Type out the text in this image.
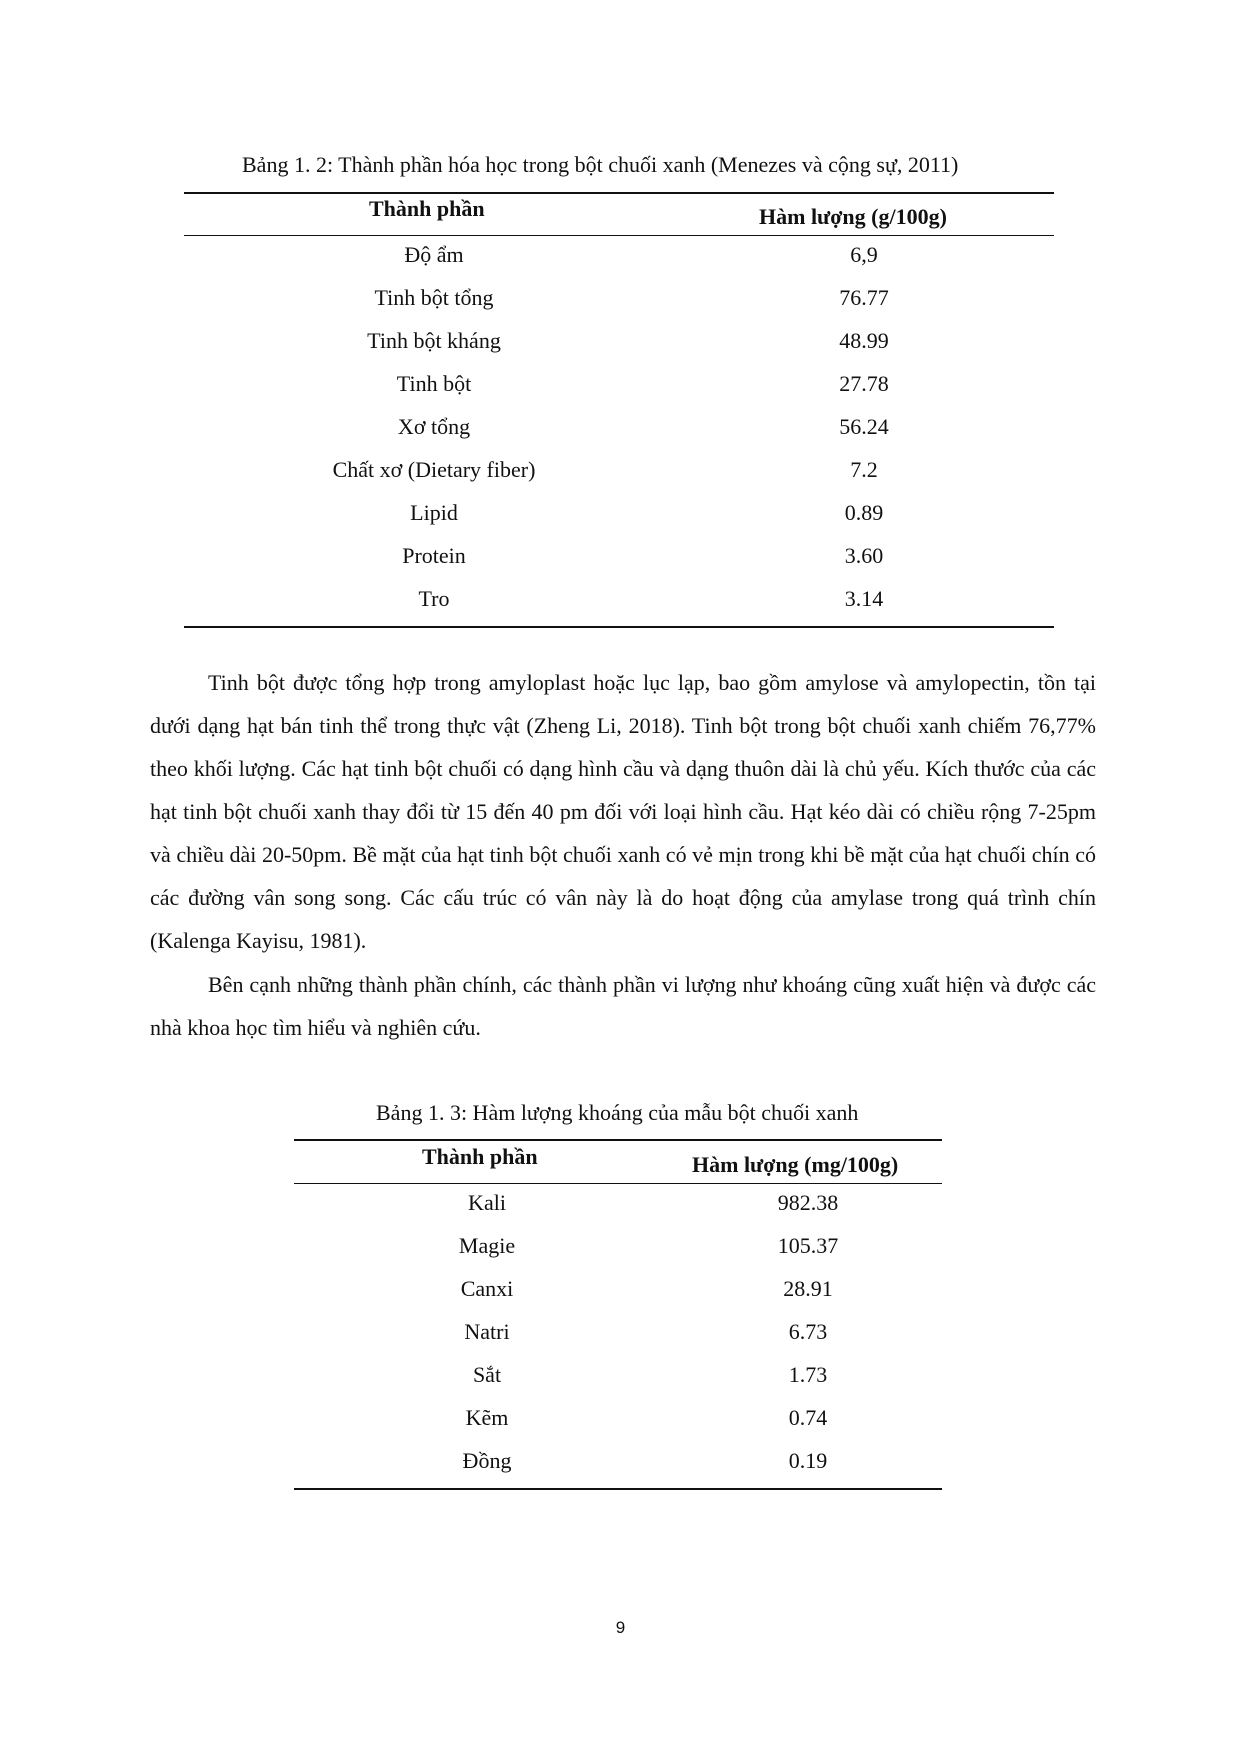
Bảng 1. 2: Thành phần hóa học trong bột chuối xanh (Menezes và cộng sự, 2011)
Thành phần	Hàm lượng (g/100g)
Độ ẩm	6,9
Tinh bột tổng	76.77
Tinh bột kháng	48.99
Tinh bột	27.78
Xơ tổng	56.24
Chất xơ (Dietary fiber)	7.2
Lipid	0.89
Protein	3.60
Tro	3.14

Tinh bột được tổng hợp trong amyloplast hoặc lục lạp, bao gồm amylose và amylopectin, tồn tại dưới dạng hạt bán tinh thể trong thực vật (Zheng Li, 2018). Tinh bột trong bột chuối xanh chiếm 76,77% theo khối lượng. Các hạt tinh bột chuối có dạng hình cầu và dạng thuôn dài là chủ yếu. Kích thước của các hạt tinh bột chuối xanh thay đổi từ 15 đến 40 pm đối với loại hình cầu. Hạt kéo dài có chiều rộng 7-25pm và chiều dài 20-50pm. Bề mặt của hạt tinh bột chuối xanh có vẻ mịn trong khi bề mặt của hạt chuối chín có các đường vân song song. Các cấu trúc có vân này là do hoạt động của amylase trong quá trình chín (Kalenga Kayisu, 1981).

Bên cạnh những thành phần chính, các thành phần vi lượng như khoáng cũng xuất hiện và được các nhà khoa học tìm hiểu và nghiên cứu.

Bảng 1. 3: Hàm lượng khoáng của mẫu bột chuối xanh
Thành phần	Hàm lượng (mg/100g)
Kali	982.38
Magie	105.37
Canxi	28.91
Natri	6.73
Sắt	1.73
Kẽm	0.74
Đồng	0.19
9
